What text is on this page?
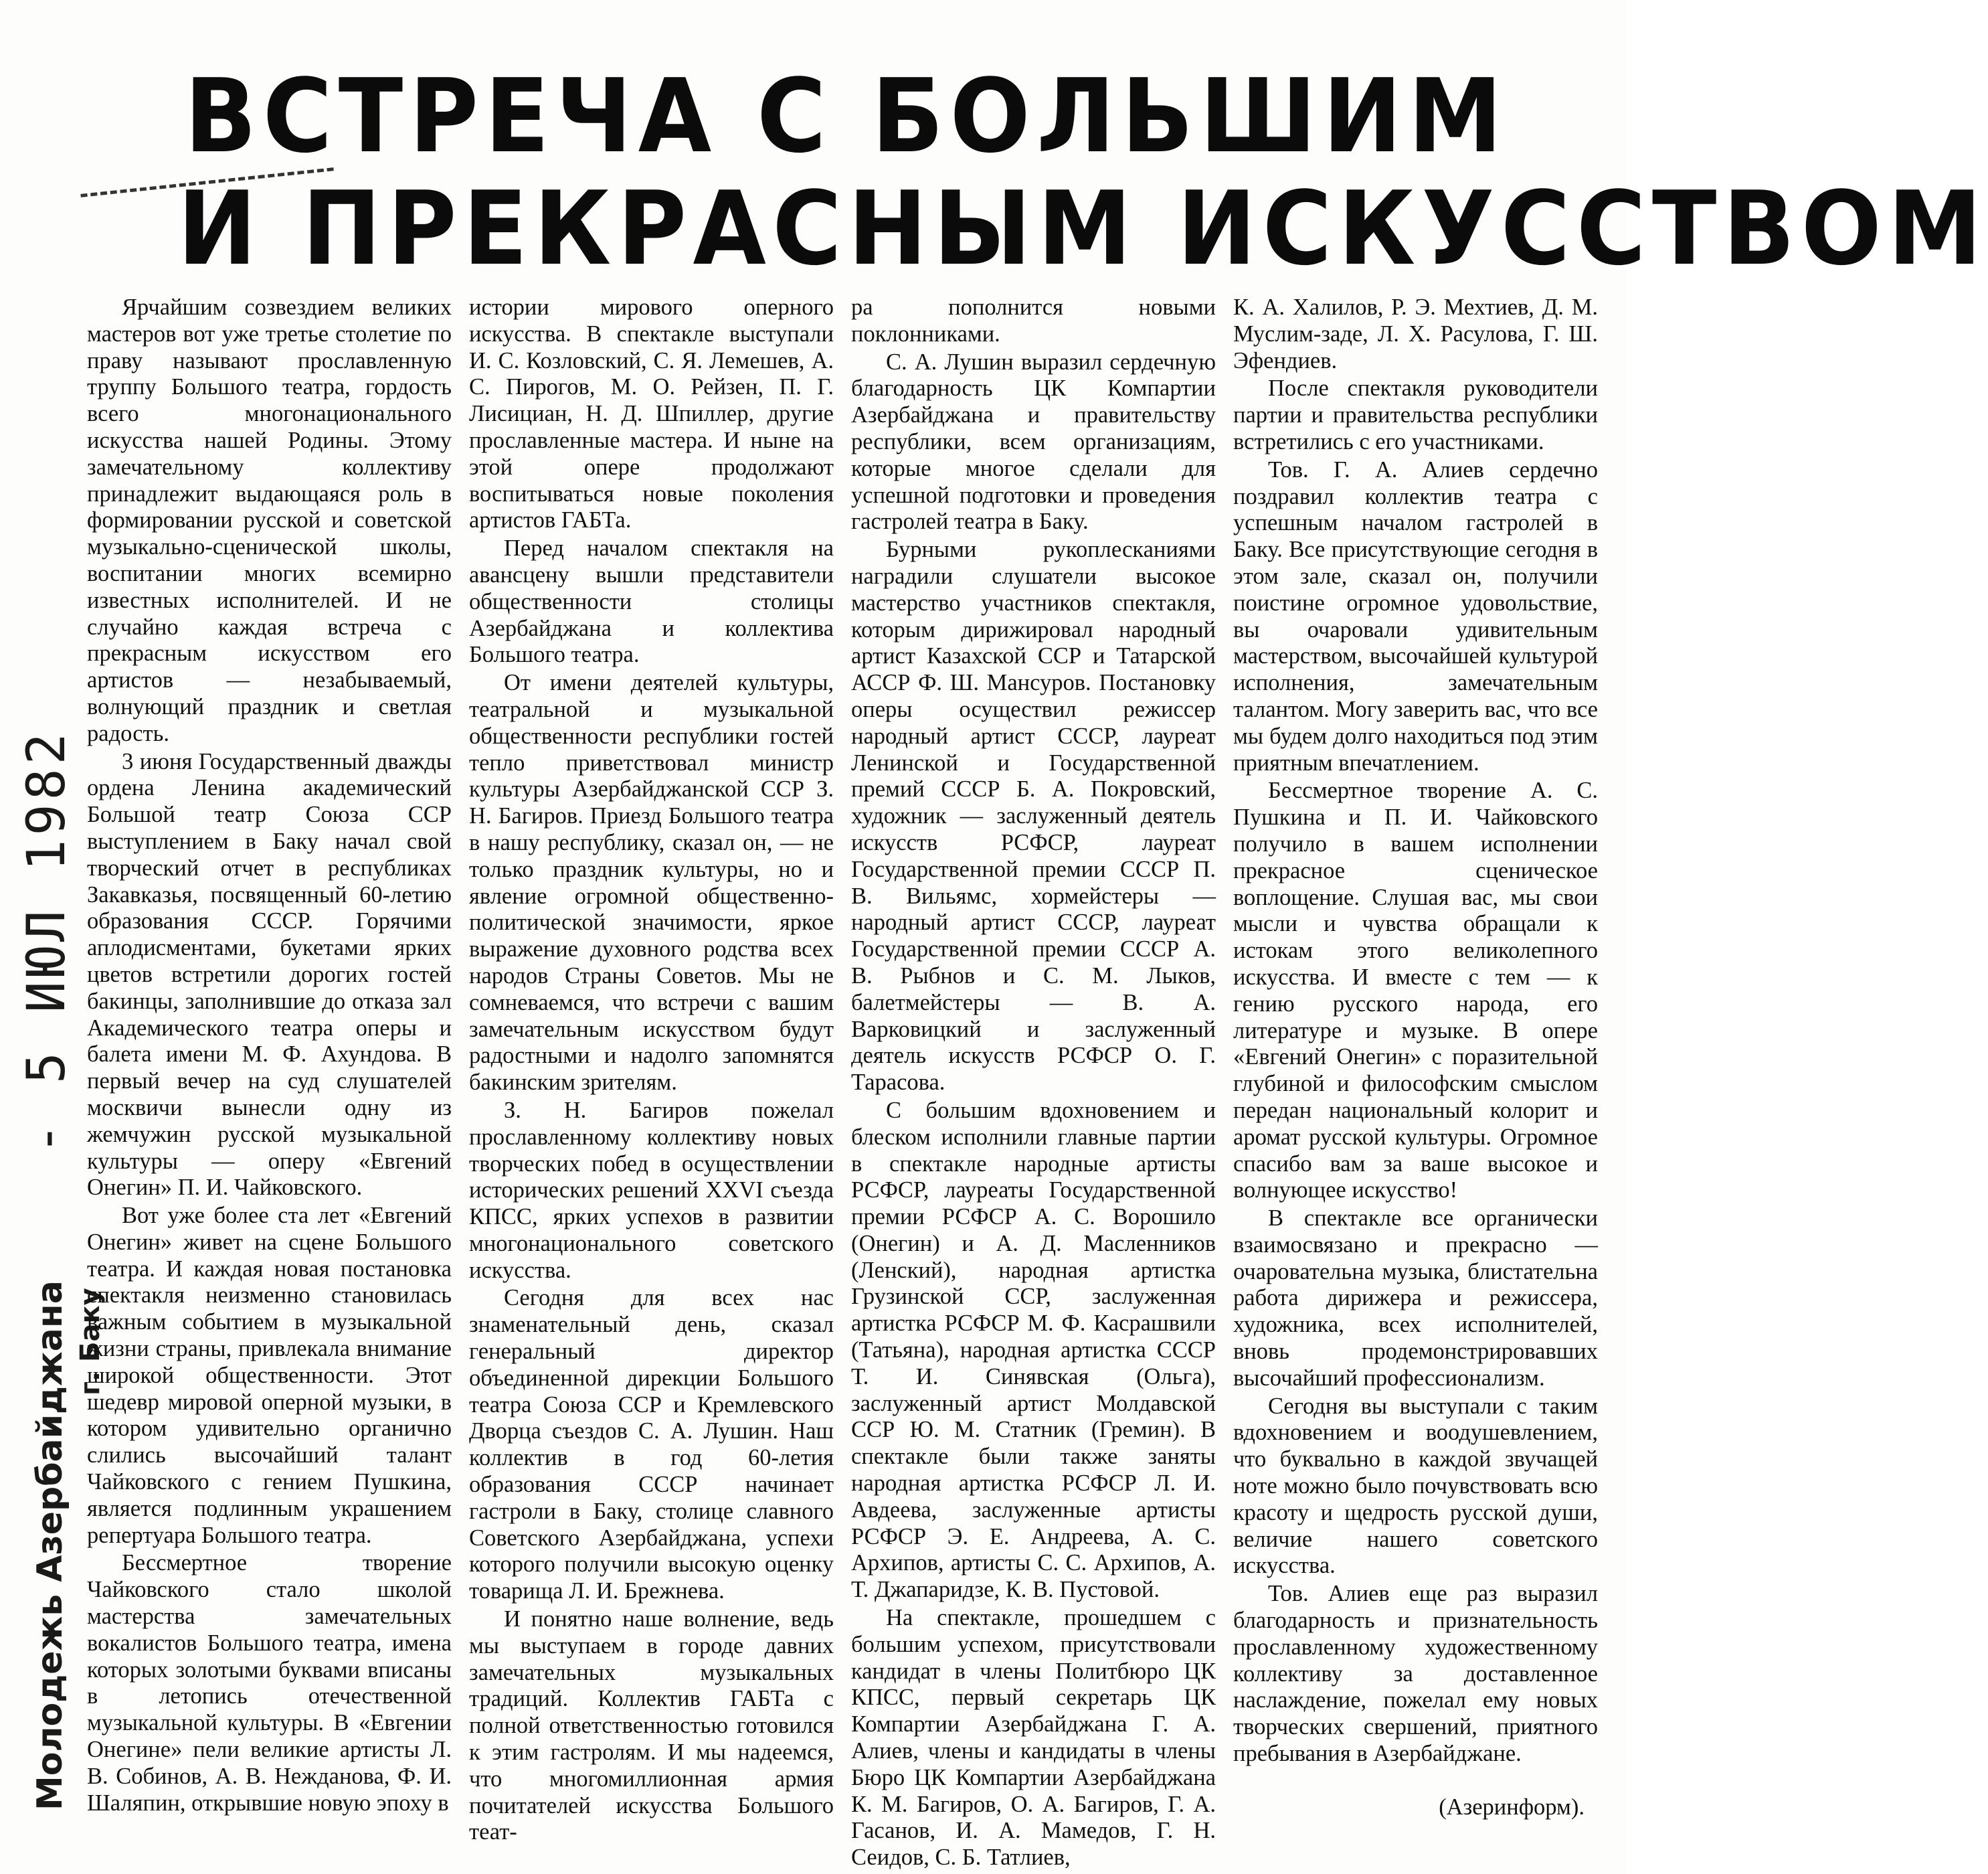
ВСТРЕЧА С БОЛЬШИМ
И ПРЕКРАСНЫМ ИСКУССТВОМ
Молодежь Азербайджана г. Баку
- 5 ИЮЛ 1982

Ярчайшим созвездием великих мастеров вот уже третье столетие по праву называют прославленную труппу Большого театра, гордость всего многонационального искусства нашей Родины. Этому замечательному коллективу принадлежит выдающаяся роль в формировании русской и советской музыкально-сценической школы, воспитании многих всемирно известных исполнителей. И не случайно каждая встреча с прекрасным искусством его артистов — незабываемый, волнующий праздник и светлая радость.

3 июня Государственный дважды ордена Ленина академический Большой театр Союза ССР выступлением в Баку начал свой творческий отчет в республиках Закавказья, посвященный 60-летию образования СССР. Горячими аплодисментами, букетами ярких цветов встретили дорогих гостей бакинцы, заполнившие до отказа зал Академического театра оперы и балета имени М. Ф. Ахундова. В первый вечер на суд слушателей москвичи вынесли одну из жемчужин русской музыкальной культуры — оперу «Евгений Онегин» П. И. Чайковского.

Вот уже более ста лет «Евгений Онегин» живет на сцене Большого театра. И каждая новая постановка спектакля неизменно становилась важным событием в музыкальной жизни страны, привлекала внимание широкой общественности. Этот шедевр мировой оперной музыки, в котором удивительно органично слились высочайший талант Чайковского с гением Пушкина, является подлинным украшением репертуара Большого театра.

Бессмертное творение Чайковского стало школой мастерства замечательных вокалистов Большого театра, имена которых золотыми буквами вписаны в летопись отечественной музыкальной культуры. В «Евгении Онегине» пели великие артисты Л. В. Собинов, А. В. Нежданова, Ф. И. Шаляпин, открывшие новую эпоху в

истории мирового оперного искусства. В спектакле выступали И. С. Козловский, С. Я. Лемешев, А. С. Пирогов, М. О. Рейзен, П. Г. Лисициан, Н. Д. Шпиллер, другие прославленные мастера. И ныне на этой опере продолжают воспитываться новые поколения артистов ГАБТа.

Перед началом спектакля на авансцену вышли представители общественности столицы Азербайджана и коллектива Большого театра.

От имени деятелей культуры, театральной и музыкальной общественности республики гостей тепло приветствовал министр культуры Азербайджанской ССР З. Н. Багиров. Приезд Большого театра в нашу республику, сказал он, — не только праздник культуры, но и явление огромной общественно-политической значимости, яркое выражение духовного родства всех народов Страны Советов. Мы не сомневаемся, что встречи с вашим замечательным искусством будут радостными и надолго запомнятся бакинским зрителям.

З. Н. Багиров пожелал прославленному коллективу новых творческих побед в осуществлении исторических решений XXVI съезда КПСС, ярких успехов в развитии многонационального советского искусства.

Сегодня для всех нас знаменательный день, сказал генеральный директор объединенной дирекции Большого театра Союза ССР и Кремлевского Дворца съездов С. А. Лушин. Наш коллектив в год 60-летия образования СССР начинает гастроли в Баку, столице славного Советского Азербайджана, успехи которого получили высокую оценку товарища Л. И. Брежнева.

И понятно наше волнение, ведь мы выступаем в городе давних замечательных музыкальных традиций. Коллектив ГАБТа с полной ответственностью готовился к этим гастролям. И мы надеемся, что многомиллионная армия почитателей искусства Большого теат-

ра пополнится новыми поклонниками.

С. А. Лушин выразил сердечную благодарность ЦК Компартии Азербайджана и правительству республики, всем организациям, которые многое сделали для успешной подготовки и проведения гастролей театра в Баку.

Бурными рукоплесканиями наградили слушатели высокое мастерство участников спектакля, которым дирижировал народный артист Казахской ССР и Татарской АССР Ф. Ш. Мансуров. Постановку оперы осуществил режиссер народный артист СССР, лауреат Ленинской и Государственной премий СССР Б. А. Покровский, художник — заслуженный деятель искусств РСФСР, лауреат Государственной премии СССР П. В. Вильямс, хормейстеры — народный артист СССР, лауреат Государственной премии СССР А. В. Рыбнов и С. М. Лыков, балетмейстеры — В. А. Варковицкий и заслуженный деятель искусств РСФСР О. Г. Тарасова.

С большим вдохновением и блеском исполнили главные партии в спектакле народные артисты РСФСР, лауреаты Государственной премии РСФСР А. С. Ворошило (Онегин) и А. Д. Масленников (Ленский), народная артистка Грузинской ССР, заслуженная артистка РСФСР М. Ф. Касрашвили (Татьяна), народная артистка СССР Т. И. Синявская (Ольга), заслуженный артист Молдавской ССР Ю. М. Статник (Гремин). В спектакле были также заняты народная артистка РСФСР Л. И. Авдеева, заслуженные артисты РСФСР Э. Е. Андреева, А. С. Архипов, артисты С. С. Архипов, А. Т. Джапаридзе, К. В. Пустовой.

На спектакле, прошедшем с большим успехом, присутствовали кандидат в члены Политбюро ЦК КПСС, первый секретарь ЦК Компартии Азербайджана Г. А. Алиев, члены и кандидаты в члены Бюро ЦК Компартии Азербайджана К. М. Багиров, О. А. Багиров, Г. А. Гасанов, И. А. Мамедов, Г. Н. Сеидов, С. Б. Татлиев,

К. А. Халилов, Р. Э. Мехтиев, Д. М. Муслим-заде, Л. Х. Расулова, Г. Ш. Эфендиев.

После спектакля руководители партии и правительства республики встретились с его участниками.

Тов. Г. А. Алиев сердечно поздравил коллектив театра с успешным началом гастролей в Баку. Все присутствующие сегодня в этом зале, сказал он, получили поистине огромное удовольствие, вы очаровали удивительным мастерством, высочайшей культурой исполнения, замечательным талантом. Могу заверить вас, что все мы будем долго находиться под этим приятным впечатлением.

Бессмертное творение А. С. Пушкина и П. И. Чайковского получило в вашем исполнении прекрасное сценическое воплощение. Слушая вас, мы свои мысли и чувства обращали к истокам этого великолепного искусства. И вместе с тем — к гению русского народа, его литературе и музыке. В опере «Евгений Онегин» с поразительной глубиной и философским смыслом передан национальный колорит и аромат русской культуры. Огромное спасибо вам за ваше высокое и волнующее искусство!

В спектакле все органически взаимосвязано и прекрасно — очаровательна музыка, блистательна работа дирижера и режиссера, художника, всех исполнителей, вновь продемонстрировавших высочайший профессионализм.

Сегодня вы выступали с таким вдохновением и воодушевлением, что буквально в каждой звучащей ноте можно было почувствовать всю красоту и щедрость русской души, величие нашего советского искусства.

Тов. Алиев еще раз выразил благодарность и признательность прославленному художественному коллективу за доставленное наслаждение, пожелал ему новых творческих свершений, приятного пребывания в Азербайджане.

(Азеринформ).
